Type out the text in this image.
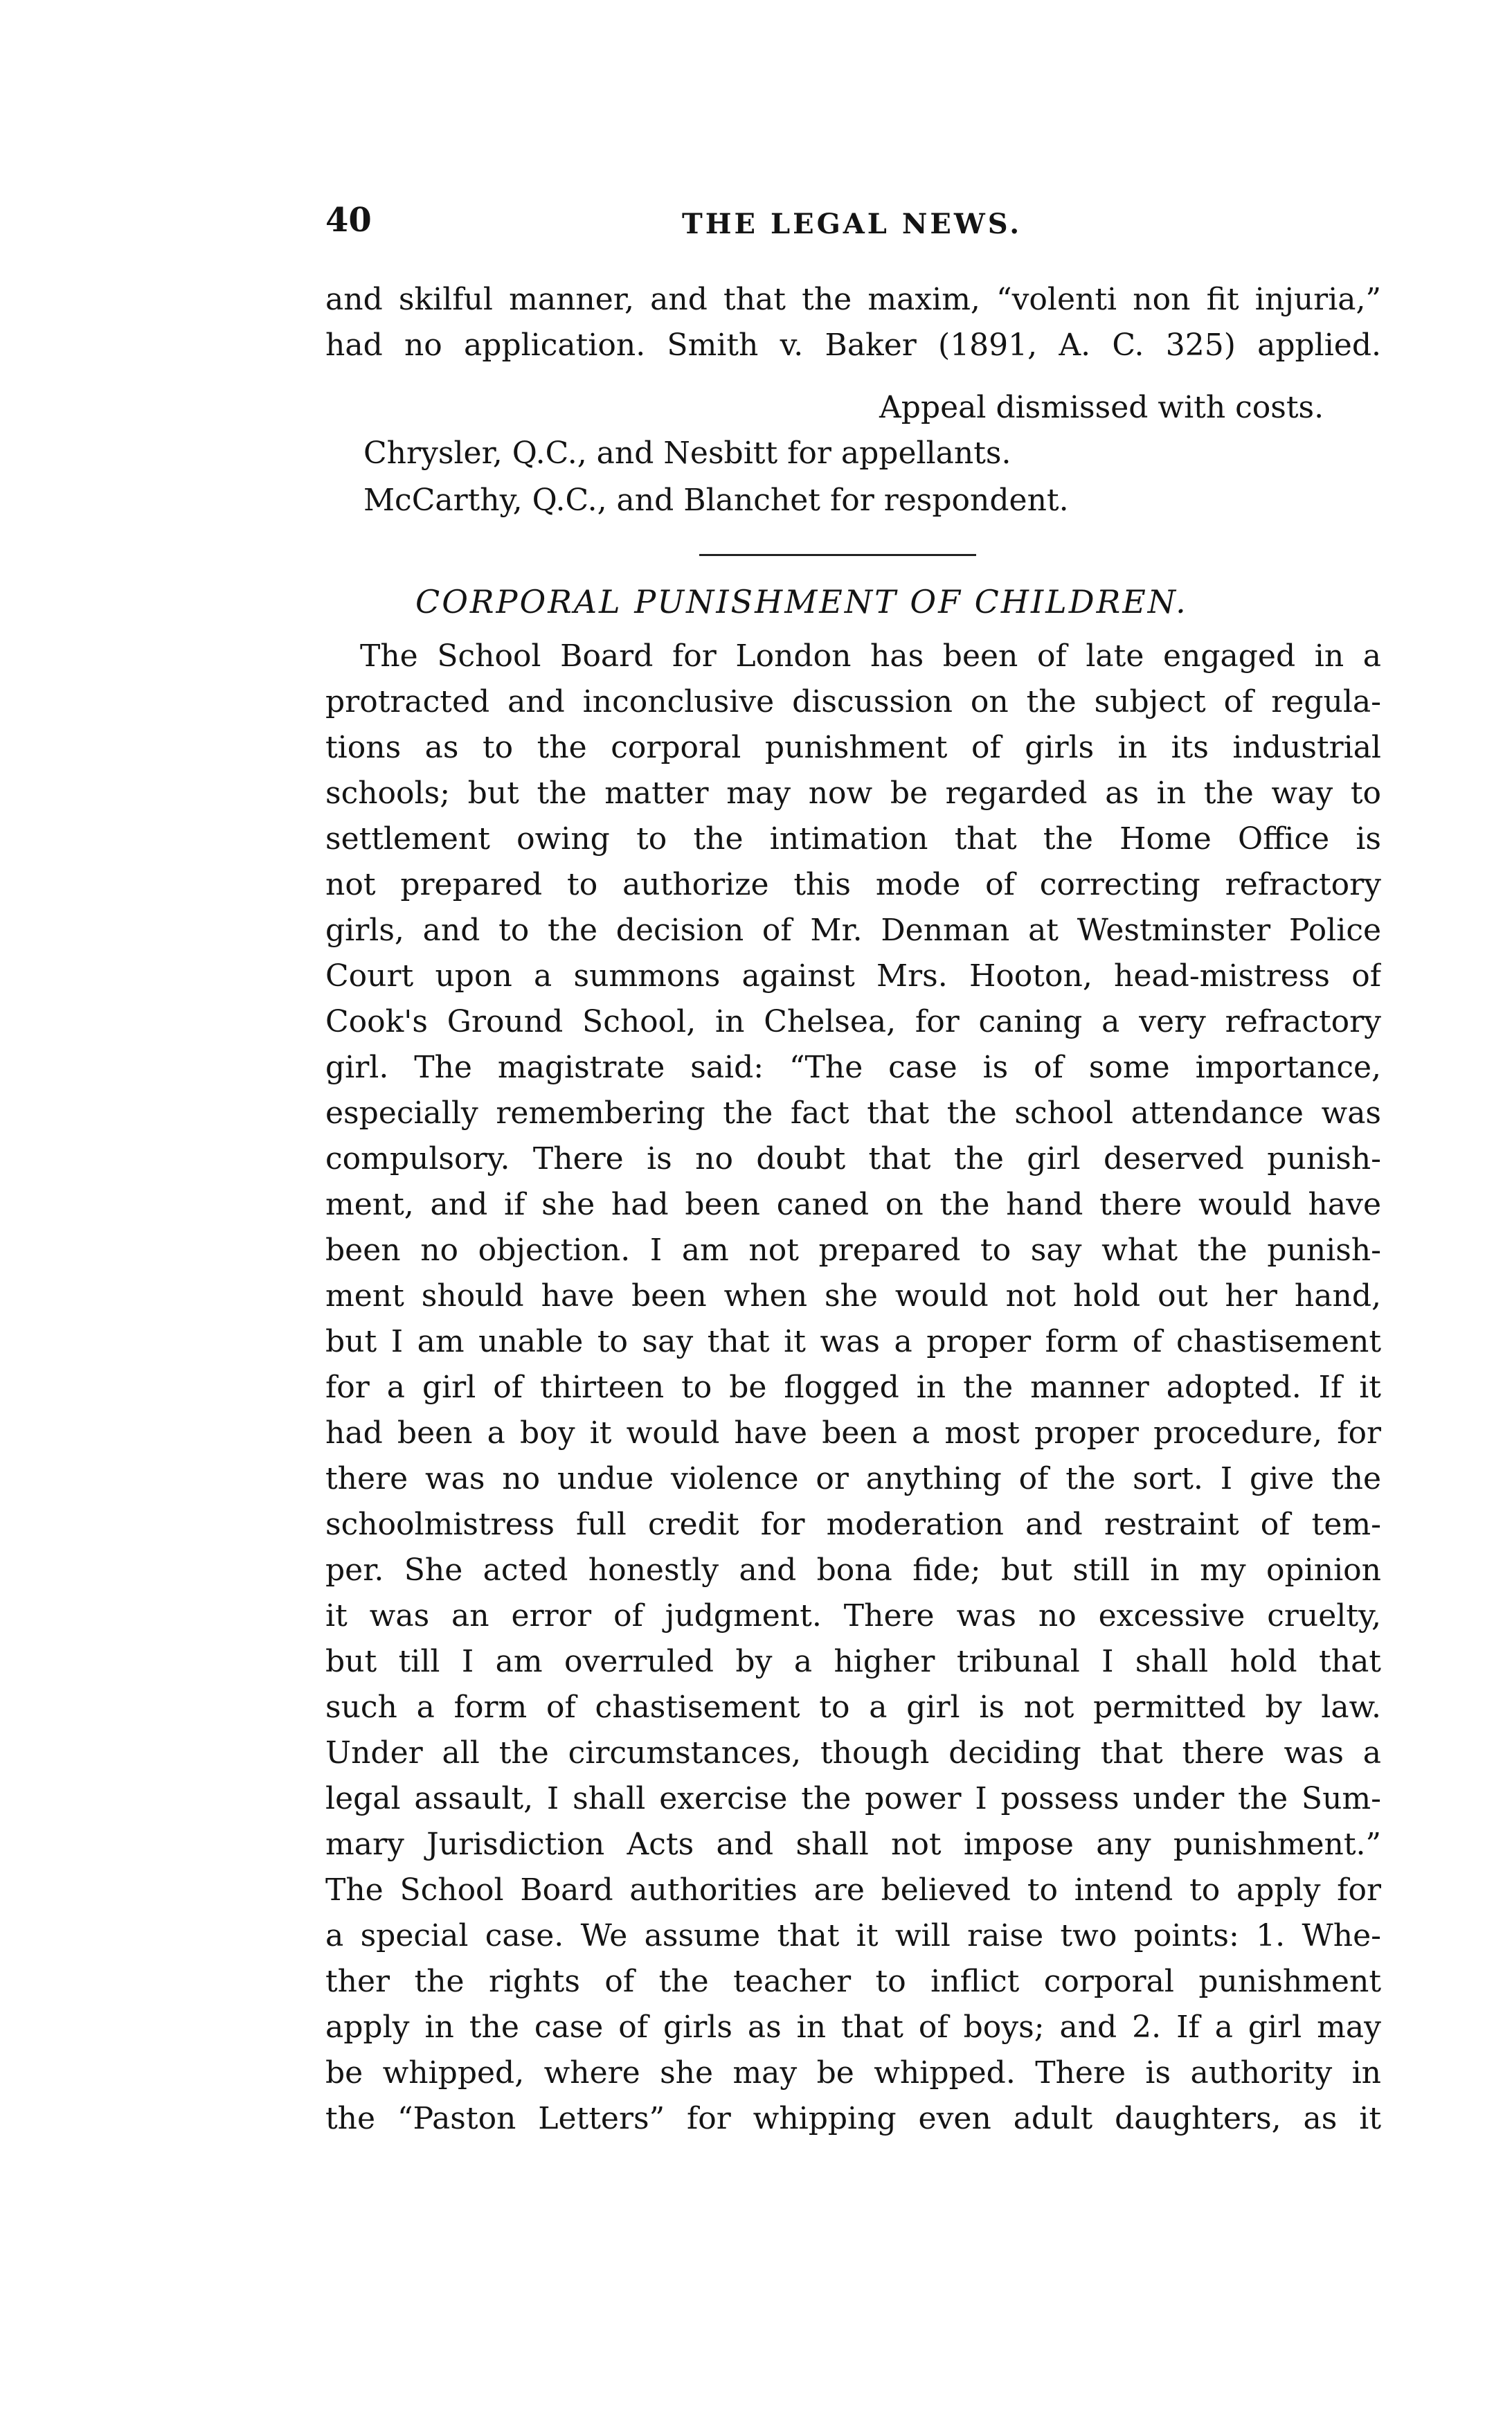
40	THE LEGAL NEWS.
and skilful manner, and that the maxim, “volenti non fit injuria,”
had no application. Smith v. Baker (1891, A. C. 325) applied.
Appeal dismissed with costs.
Chrysler, Q.C., and Nesbitt for appellants.
McCarthy, Q.C., and Blanchet for respondent.
CORPORAL PUNISHMENT OF CHILDREN.
The School Board for London has been of late engaged in a
protracted and inconclusive discussion on the subject of regula-
tions as to the corporal punishment of girls in its industrial
schools; but the matter may now be regarded as in the way to
settlement owing to the intimation that the Home Office is
not prepared to authorize this mode of correcting refractory
girls, and to the decision of Mr. Denman at Westminster Police
Court upon a summons against Mrs. Hooton, head-mistress of
Cook's Ground School, in Chelsea, for caning a very refractory
girl. The magistrate said: “The case is of some importance,
especially remembering the fact that the school attendance was
compulsory. There is no doubt that the girl deserved punish-
ment, and if she had been caned on the hand there would have
been no objection. I am not prepared to say what the punish-
ment should have been when she would not hold out her hand,
but I am unable to say that it was a proper form of chastisement
for a girl of thirteen to be flogged in the manner adopted. If it
had been a boy it would have been a most proper procedure, for
there was no undue violence or anything of the sort. I give the
schoolmistress full credit for moderation and restraint of tem-
per. She acted honestly and bona fide; but still in my opinion
it was an error of judgment. There was no excessive cruelty,
but till I am overruled by a higher tribunal I shall hold that
such a form of chastisement to a girl is not permitted by law.
Under all the circumstances, though deciding that there was a
legal assault, I shall exercise the power I possess under the Sum-
mary Jurisdiction Acts and shall not impose any punishment.”
The School Board authorities are believed to intend to apply for
a special case. We assume that it will raise two points: 1. Whe-
ther the rights of the teacher to inflict corporal punishment
apply in the case of girls as in that of boys; and 2. If a girl may
be whipped, where she may be whipped. There is authority in
the “Paston Letters” for whipping even adult daughters, as it
